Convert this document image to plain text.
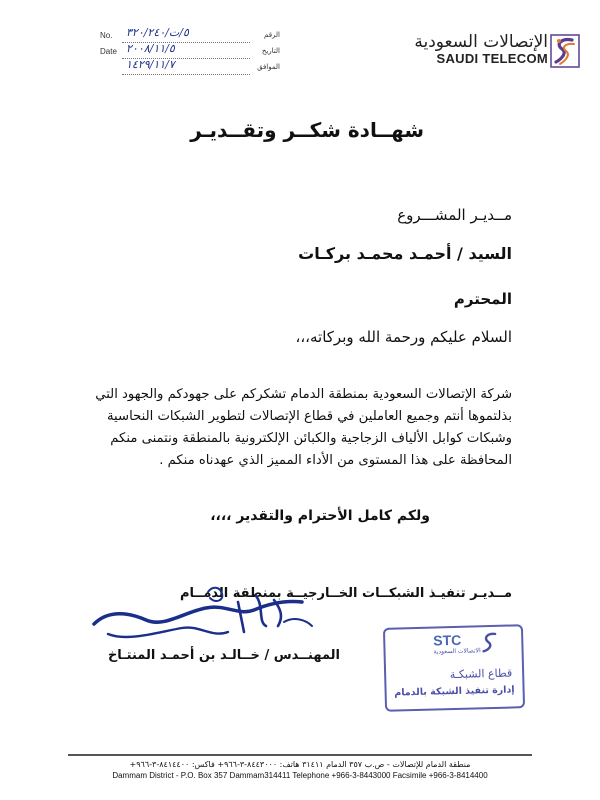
No. ٥/ت/٣٢٠/٢٤٠	الرقم
Date ٢٠٠٨/١١/٥	التاريخ
١٤٢٩/١١/٧	الموافق
الإتصالات السعودية
SAUDI TELECOM
شهــادة شكــر وتقــديـر
مــديـر المشـــروع
السيد / أحمـد محمـد بركـات
المحترم
السلام عليكم ورحمة الله وبركاته،،،
شركة الإتصالات السعودية بمنطقة الدمام تشكركم على جهودكم والجهود التي بذلتموها أنتم وجميع العاملين في قطاع الإتصالات لتطوير الشبكات النحاسية وشبكات كوابل الألياف الزجاجية والكبائن الإلكترونية بالمنطقة ونتمنى منكم المحافظة على هذا المستوى من الأداء المميز الذي عهدناه منكم .
ولكم كامل الأحترام والتقدير ،،،،
مــديـر تنفيـذ الشبكــات الخــارجيــة بمنطقة الدمــام
المهنــدس / خــالـد بن أحمـد المنتـاخ
STC
الاتصالات السعودية
قطاع الشبكـة
إدارة تنفيذ الشبكة بالدمام
منطقة الدمام للإتصالات - ص.ب ٣٥٧ الدمام ٣١٤١١ هاتف: ٨٤٤٣٠٠٠-٣-٩٦٦+ فاكس: ٨٤١٤٤٠٠-٣-٩٦٦+
Dammam District - P.O. Box 357 Dammam314411 Telephone +966-3-8443000 Facsimile +966-3-8414400
